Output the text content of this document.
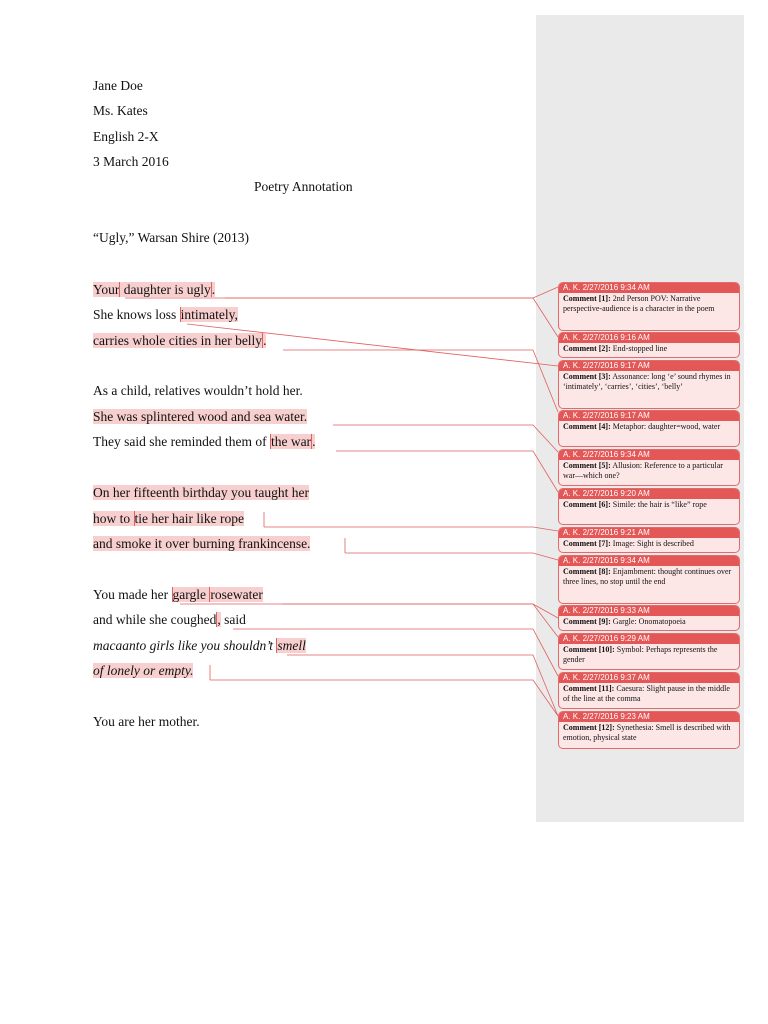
Jane Doe
Ms. Kates
English 2-X
3 March 2016
Poetry Annotation
“Ugly,” Warsan Shire (2013)
Your daughter is ugly.
She knows loss intimately,
carries whole cities in her belly.
As a child, relatives wouldn’t hold her.
She was splintered wood and sea water.
They said she reminded them of the war.
On her fifteenth birthday you taught her
how to tie her hair like rope
and smoke it over burning frankincense.
You made her gargle rosewater
and while she coughed, said
macaanto girls like you shouldn’t smell
of lonely or empty.
You are her mother.
A. K. 2/27/2016 9:34 AM
Comment [1]: 2nd Person POV: Narrative perspective-audience is a character in the poem
A. K. 2/27/2016 9:16 AM
Comment [2]: End-stopped line
A. K. 2/27/2016 9:17 AM
Comment [3]: Assonance: long ‘e’ sound rhymes in ‘intimately’, ‘carries’, ‘cities’, ‘belly’
A. K. 2/27/2016 9:17 AM
Comment [4]: Metaphor: daughter=wood, water
A. K. 2/27/2016 9:34 AM
Comment [5]: Allusion: Reference to a particular war—which one?
A. K. 2/27/2016 9:20 AM
Comment [6]: Simile: the hair is “like” rope
A. K. 2/27/2016 9:21 AM
Comment [7]: Image: Sight is described
A. K. 2/27/2016 9:34 AM
Comment [8]: Enjambment: thought continues over three lines, no stop until the end
A. K. 2/27/2016 9:33 AM
Comment [9]: Gargle: Onomatopoeia
A. K. 2/27/2016 9:29 AM
Comment [10]: Symbol: Perhaps represents the gender
A. K. 2/27/2016 9:37 AM
Comment [11]: Caesura: Slight pause in the middle of the line at the comma
A. K. 2/27/2016 9:23 AM
Comment [12]: Synethesia: Smell is described with emotion, physical state
